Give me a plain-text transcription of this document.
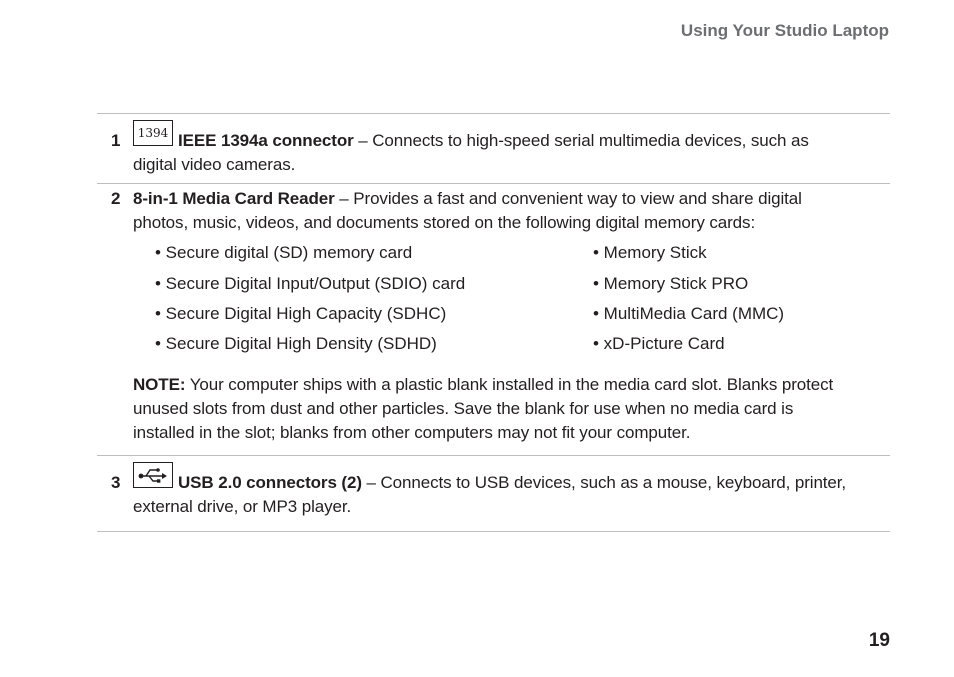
Using Your Studio Laptop
1 1394 IEEE 1394a connector – Connects to high-speed serial multimedia devices, such as
digital video cameras.
2 8-in-1 Media Card Reader – Provides a fast and convenient way to view and share digital
photos, music, videos, and documents stored on the following digital memory cards:
• Secure digital (SD) memory card
• Secure Digital Input/Output (SDIO) card
• Secure Digital High Capacity (SDHC)
• Secure Digital High Density (SDHD)
• Memory Stick
• Memory Stick PRO
• MultiMedia Card (MMC)
• xD-Picture Card
NOTE: Your computer ships with a plastic blank installed in the media card slot. Blanks protect
unused slots from dust and other particles. Save the blank for use when no media card is
installed in the slot; blanks from other computers may not fit your computer.
3	USB 2.0 connectors (2) – Connects to USB devices, such as a mouse, keyboard, printer,
external drive, or MP3 player.
19
